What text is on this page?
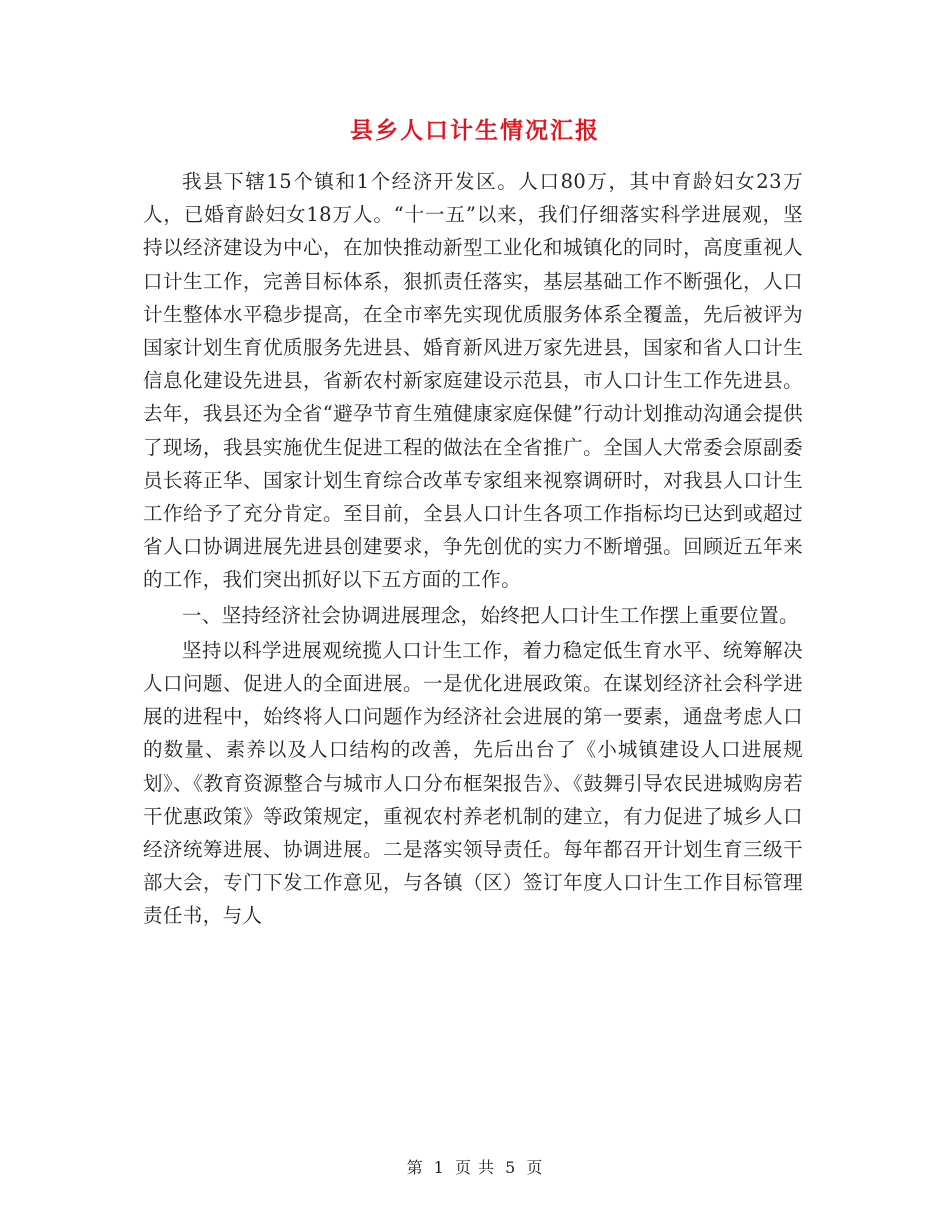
县乡人口计生情况汇报

我县下辖15个镇和1个经济开发区。人口80万，其中育龄妇女23万人，已婚育龄妇女18万人。“十一五”以来，我们仔细落实科学进展观，坚持以经济建设为中心，在加快推动新型工业化和城镇化的同时，高度重视人口计生工作，完善目标体系，狠抓责任落实，基层基础工作不断强化，人口计生整体水平稳步提高，在全市率先实现优质服务体系全覆盖，先后被评为国家计划生育优质服务先进县、婚育新风进万家先进县，国家和省人口计生信息化建设先进县，省新农村新家庭建设示范县，市人口计生工作先进县。去年，我县还为全省“避孕节育生殖健康家庭保健”行动计划推动沟通会提供了现场，我县实施优生促进工程的做法在全省推广。全国人大常委会原副委员长蒋正华、国家计划生育综合改革专家组来视察调研时，对我县人口计生工作给予了充分肯定。至目前，全县人口计生各项工作指标均已达到或超过省人口协调进展先进县创建要求，争先创优的实力不断增强。回顾近五年来的工作，我们突出抓好以下五方面的工作。

一、坚持经济社会协调进展理念，始终把人口计生工作摆上重要位置。

坚持以科学进展观统揽人口计生工作，着力稳定低生育水平、统筹解决人口问题、促进人的全面进展。一是优化进展政策。在谋划经济社会科学进展的进程中，始终将人口问题作为经济社会进展的第一要素，通盘考虑人口的数量、素养以及人口结构的改善，先后出台了《小城镇建设人口进展规划》、《教育资源整合与城市人口分布框架报告》、《鼓舞引导农民进城购房若干优惠政策》等政策规定，重视农村养老机制的建立，有力促进了城乡人口经济统筹进展、协调进展。二是落实领导责任。每年都召开计划生育三级干部大会，专门下发工作意见，与各镇（区）签订年度人口计生工作目标管理责任书，与人

第 1 页 共 5 页
